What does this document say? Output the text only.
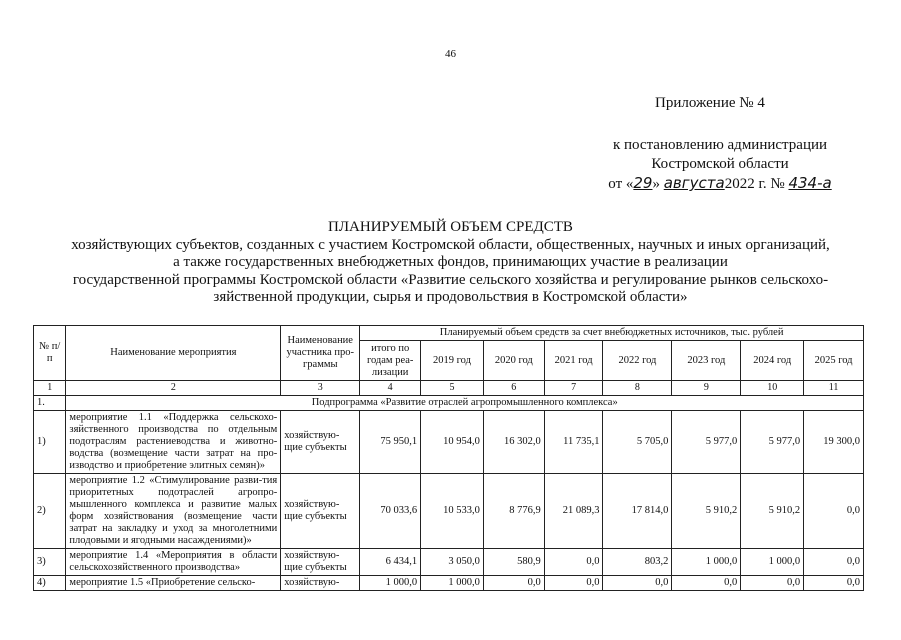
46
Приложение № 4
к постановлению администрации
Костромской области
от «29» августа2022 г. № 434-а
ПЛАНИРУЕМЫЙ ОБЪЕМ СРЕДСТВ
хозяйствующих субъектов, созданных с участием Костромской области, общественных, научных и иных организаций,
а также государственных внебюджетных фондов, принимающих участие в реализации
государственной программы Костромской области «Развитие сельского хозяйства и регулирование рынков сельскохо-
зяйственной продукции, сырья и продовольствия в Костромской области»
№ п/п	Наименование мероприятия	Наименование участника про-граммы	Планируемый объем средств за счет внебюджетных источников, тыс. рублей							
			итого по годам реа-лизации	2019 год	2020 год	2021 год	2022 год	2023 год	2024 год	2025 год
1	2	3	4	5	6	7	8	9	10	11
1.	Подпрограмма «Развитие отраслей агропромышленного комплекса»									
1)	мероприятие 1.1 «Поддержка сельскохо-зяйственного производства по отдельным подотраслям растениеводства и животно-водства (возмещение части затрат на про-изводство и приобретение элитных семян)»	хозяйствую-щие субъекты	75 950,1	10 954,0	16 302,0	11 735,1	5 705,0	5 977,0	5 977,0	19 300,0
2)	мероприятие 1.2 «Стимулирование разви-тия приоритетных подотраслей агропро-мышленного комплекса и развитие малых форм хозяйствования (возмещение части затрат на закладку и уход за многолетними плодовыми и ягодными насаждениями)»	хозяйствую-щие субъекты	70 033,6	10 533,0	8 776,9	21 089,3	17 814,0	5 910,2	5 910,2	0,0
3)	мероприятие 1.4 «Мероприятия в области сельскохозяйственного производства»	хозяйствую-щие субъекты	6 434,1	3 050,0	580,9	0,0	803,2	1 000,0	1 000,0	0,0
4)	мероприятие 1.5 «Приобретение сельско-	хозяйствую-	1 000,0	1 000,0	0,0	0,0	0,0	0,0	0,0	0,0
